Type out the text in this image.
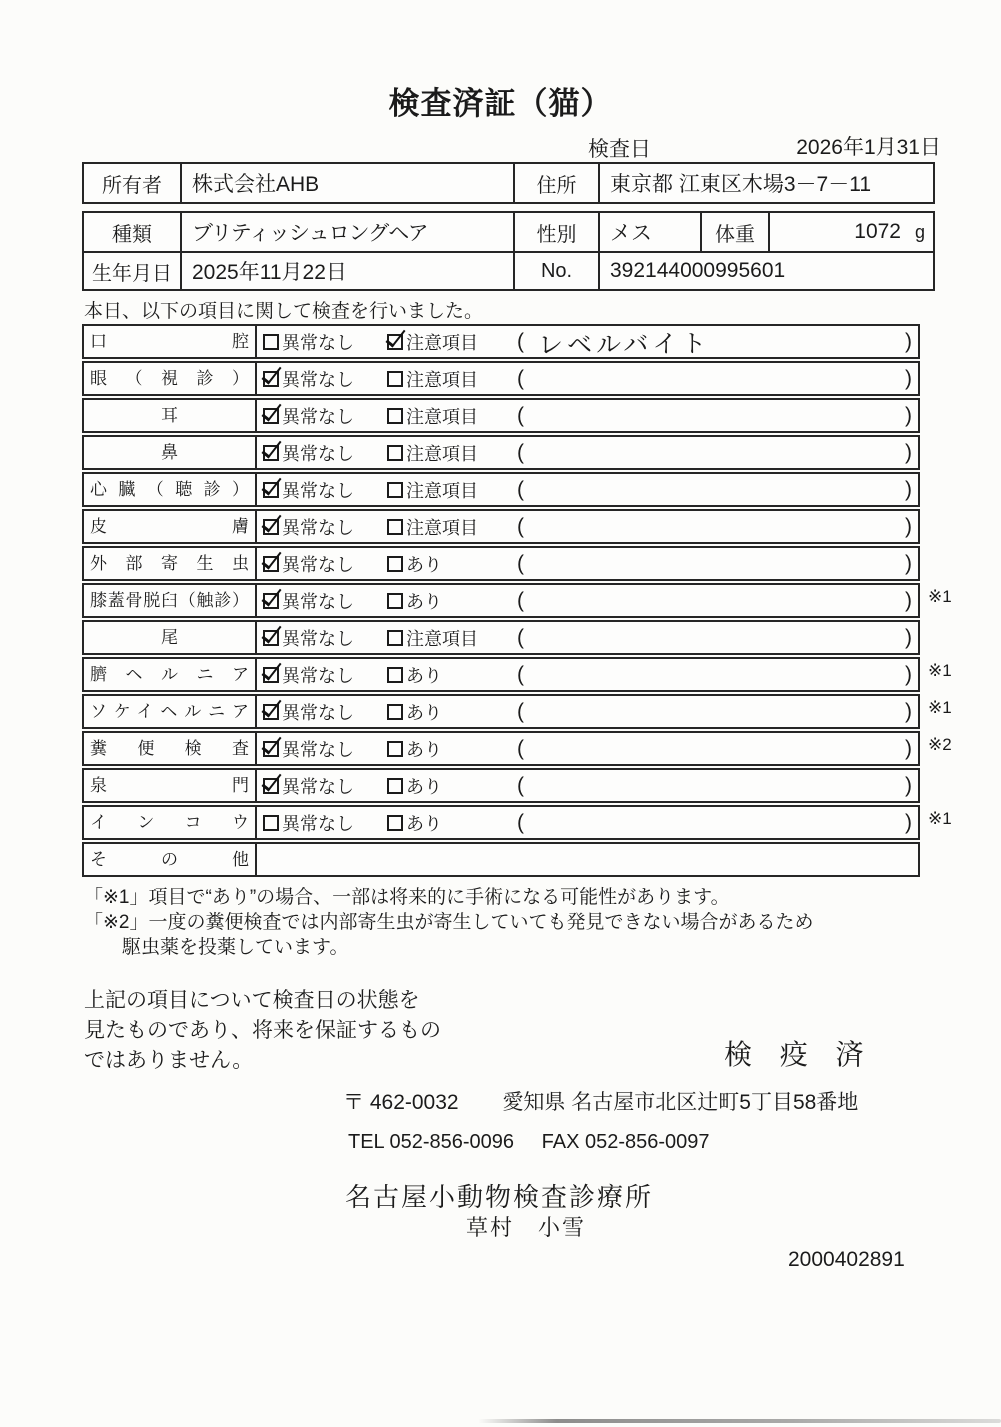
検査済証（猫）
検査日	2026年1月31日
所有者	株式会社AHB	住所	東京都 江東区木場3－7－11
種類	ブリティッシュロングヘア	性別	メス	体重	1072 g
生年月日 2025年11月22日	No.	392144000995601
本日、以下の項目に関して検査を行いました。
口腔	異常なし	注意項目 ( レベルバイト	)
眼（視診）	異常なし	注意項目 (	)
耳	異常なし	注意項目 (	)
鼻	異常なし	注意項目 (	)
心臓（聴診）	異常なし	注意項目 (	)
皮膚	異常なし	注意項目 (	)
外部寄生虫	異常なし	あり	(	)
膝蓋骨脱臼（触診）	異常なし	あり	(	) ※1
尾	異常なし	注意項目 (	)
臍ヘルニア	異常なし	あり	(	) ※1
ソケイヘルニア	異常なし	あり	(	) ※1
糞便検査	異常なし	あり	(	) ※2
泉門	異常なし	あり	(	)
インコウ	異常なし	あり	(	) ※1
その他
「※1」項目で“あり”の場合、一部は将来的に手術になる可能性があります。
「※2」一度の糞便検査では内部寄生虫が寄生していても発見できない場合があるため
駆虫薬を投薬しています。
上記の項目について検査日の状態を
見たものであり、将来を保証するもの
ではありません。	検 疫 済
〒 462-0032 愛知県 名古屋市北区辻町5丁目58番地
TEL 052-856-0096 FAX 052-856-0097
名古屋小動物検査診療所
草村　小雪
2000402891
